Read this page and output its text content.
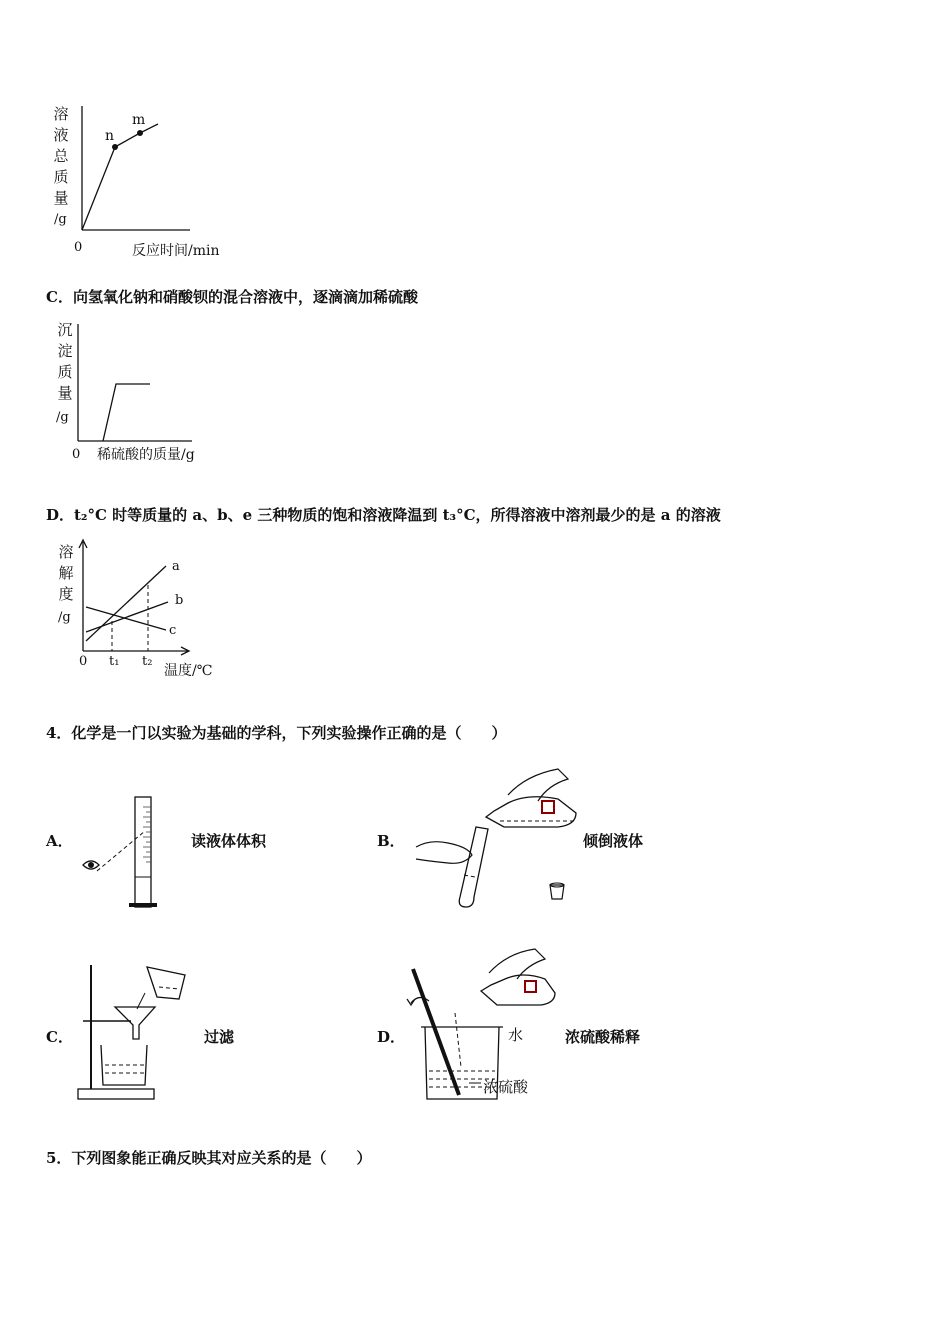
溶
液
总
质
量
/g
0	反应时间/min
n
m
C．向氢氧化钠和硝酸钡的混合溶液中，逐滴滴加稀硫酸
沉
淀
质
量
/g
0 稀硫酸的质量/g
D．t₂°C 时等质量的 a、b、e 三种物质的饱和溶液降温到 t₃°C，所得溶液中溶剂最少的是 a 的溶液
溶
解
度
/g
0 t₁ t₂
温度/℃
a
b
c
4．化学是一门以实验为基础的学科，下列实验操作正确的是（　　）
A．	读液体体积	B．	倾倒液体
C．	过滤	D．	水
浓硫酸
浓硫酸稀释
5．下列图象能正确反映其对应关系的是（　　）
